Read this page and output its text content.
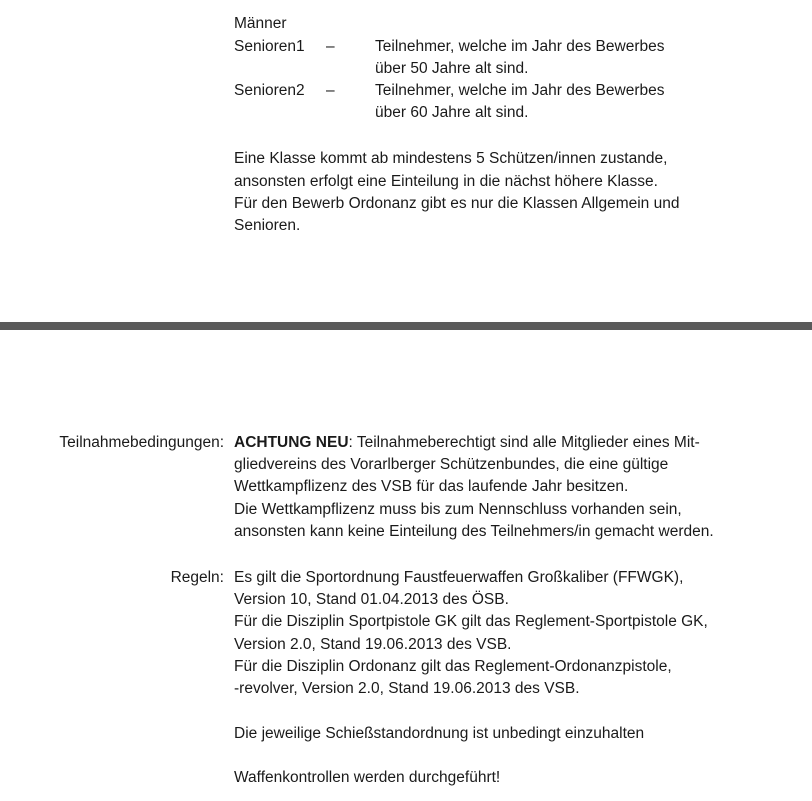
Männer
Senioren1 –	Teilnehmer, welche im Jahr des Bewerbes
über 50 Jahre alt sind.
Senioren2 –	Teilnehmer, welche im Jahr des Bewerbes
über 60 Jahre alt sind.
Eine Klasse kommt ab mindestens 5 Schützen/innen zustande,
ansonsten erfolgt eine Einteilung in die nächst höhere Klasse.
Für den Bewerb Ordonanz gibt es nur die Klassen Allgemein und
Senioren.
Teilnahmebedingungen: ACHTUNG NEU: Teilnahmeberechtigt sind alle Mitglieder eines Mit-
gliedvereins des Vorarlberger Schützenbundes, die eine gültige
Wettkampflizenz des VSB für das laufende Jahr besitzen.
Die Wettkampflizenz muss bis zum Nennschluss vorhanden sein,
ansonsten kann keine Einteilung des Teilnehmers/in gemacht werden.
Regeln: Es gilt die Sportordnung Faustfeuerwaffen Großkaliber (FFWGK),
Version 10, Stand 01.04.2013 des ÖSB.
Für die Disziplin Sportpistole GK gilt das Reglement-Sportpistole GK,
Version 2.0, Stand 19.06.2013 des VSB.
Für die Disziplin Ordonanz gilt das Reglement-Ordonanzpistole,
-revolver, Version 2.0, Stand 19.06.2013 des VSB.
Die jeweilige Schießstandordnung ist unbedingt einzuhalten
Waffenkontrollen werden durchgeführt!
